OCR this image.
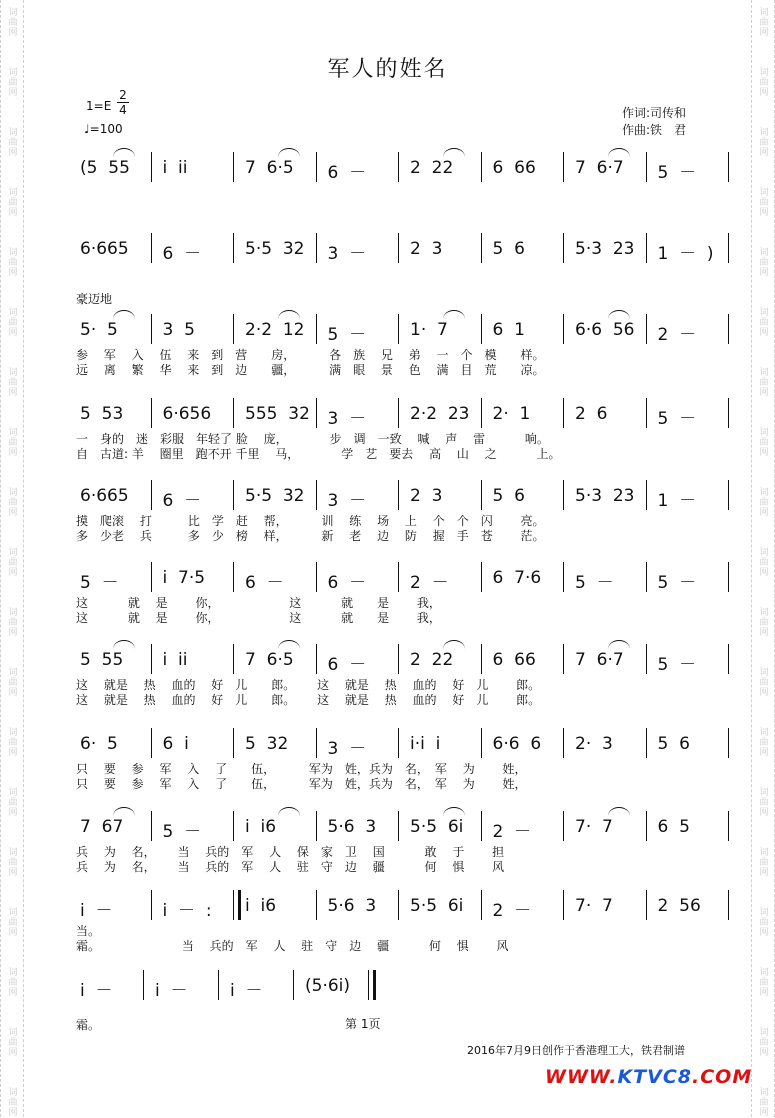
词
曲
网
词
曲
网
词
曲
网
词
曲
网
词
曲
网
词
曲
网
词
曲
网
词
曲
网
词
曲
网
词
曲
网
词
曲
网
词
曲
网
词
曲
网
词
曲
网
词
曲
网
词
曲
网
词
曲
网
词
曲
网
词
曲
网
词
曲
网
词
曲
网
词
曲
网
词
曲
网
词
曲
网
词
曲
网
词
曲
网
词
曲
网
词
曲
网
词
曲
网
词
曲
网
词
曲
网
词
曲
网
词
曲
网
词
曲
网
词
曲
网
词
曲
网
词
曲
网
词
曲
网
军人的姓名
1=E
2
4
♩=100
作词:司传和
作曲:铁　君
豪迈地
(5  55 i  ii	7  6·5 6  －	2  22 6  66 7  6·7 5  －
6·665 6  －	5·5  32 3  －	2  3	5  6	5·3  23 1  －  )
5·  5	3  5	2·2  12 5  －	1·  7	6  1	6·6  56 2  －
参　 军　 入　 伍　 来　到　营　　房，　　　 各　族　 兄　 弟　 一　个　模　　样。
远　 离　 繁　 华　 来　到　边　　疆，　　　 满　眼　 景　 色　 满　目　荒　　凉。
5  53 6·656 555  32 3  －	2·2  23 2·  1	2  6	5  －
一　身的　迷　彩服　年轻了 脸　 庞，　　　　步　调　一致　 喊　 声　 雷　　　 响。
自　古道: 羊　 圈里　跑不开 千里　 马，　　　　学　艺　要去　 高　 山　 之　　　 上。
6·665 6  －	5·5  32 3  －	2  3	5  6	5·3  23 1  －
摸　爬滚　 打　　　比　学　赶　 帮，　　　 训　 练　 场　 上　 个　个　闪　　 亮。
多　少老　 兵　　　多　少　榜　 样，　　　 新　 老　 边　 防　 握　手　苍　　 茫。
5  －	i  7·5 6  －	6  －	2  －	6  7·6 5  －	5  －
这　　　 就　 是　　 你，　　　　　　 这　　　 就　　是　　 我，
这　　　 就　 是　　 你，　　　　　　 这　　　 就　　是　　 我，
5  55 i  ii	7  6·5 6  －	2  22 6  66 7  6·7 5  －
这　 就是　 热　 血的　 好　儿　　郎。　　 这　 就是　 热　 血的　 好　儿　　 郎。
这　 就是　 热　 血的　 好　儿　　郎。　　 这　 就是　 热　 血的　 好　儿　　 郎。
6·  5	6  i	5  32 3  －	i·i  i	6·6  6 2·  3	5  6
只　 要　 参　 军　 入　 了　　伍，　　　 军为　姓，兵为　名，　军　 为　　 姓，
只　 要　 参　 军　 入　 了　　伍，　　　 军为　姓，兵为　名，　军　 为　　 姓，
7  67 5  －	i  i6	5·6  3 5·5  6i 2  －	7·  7	6  5
兵　 为　 名，　　 当　 兵的　军　 人　 保　家　卫　 国　　　 敢　 于　　 担
兵　 为　 名，　　 当　 兵的　军　 人　 驻　守　边　 疆　　　 何　 惧　　 风
i  －	i  －  : i  i6	5·6  3 5·5  6i 2  －	7·  7	2  56
当。
霜。　　　　　　　 当　 兵的　军　 人　 驻　守　边　 疆　　　 何　 惧　　 风
i  － i  － i  － (5·6i)
霜。	第 1页
2016年7月9日创作于香港理工大，铁君制谱
WWW.KTVC8.COM
